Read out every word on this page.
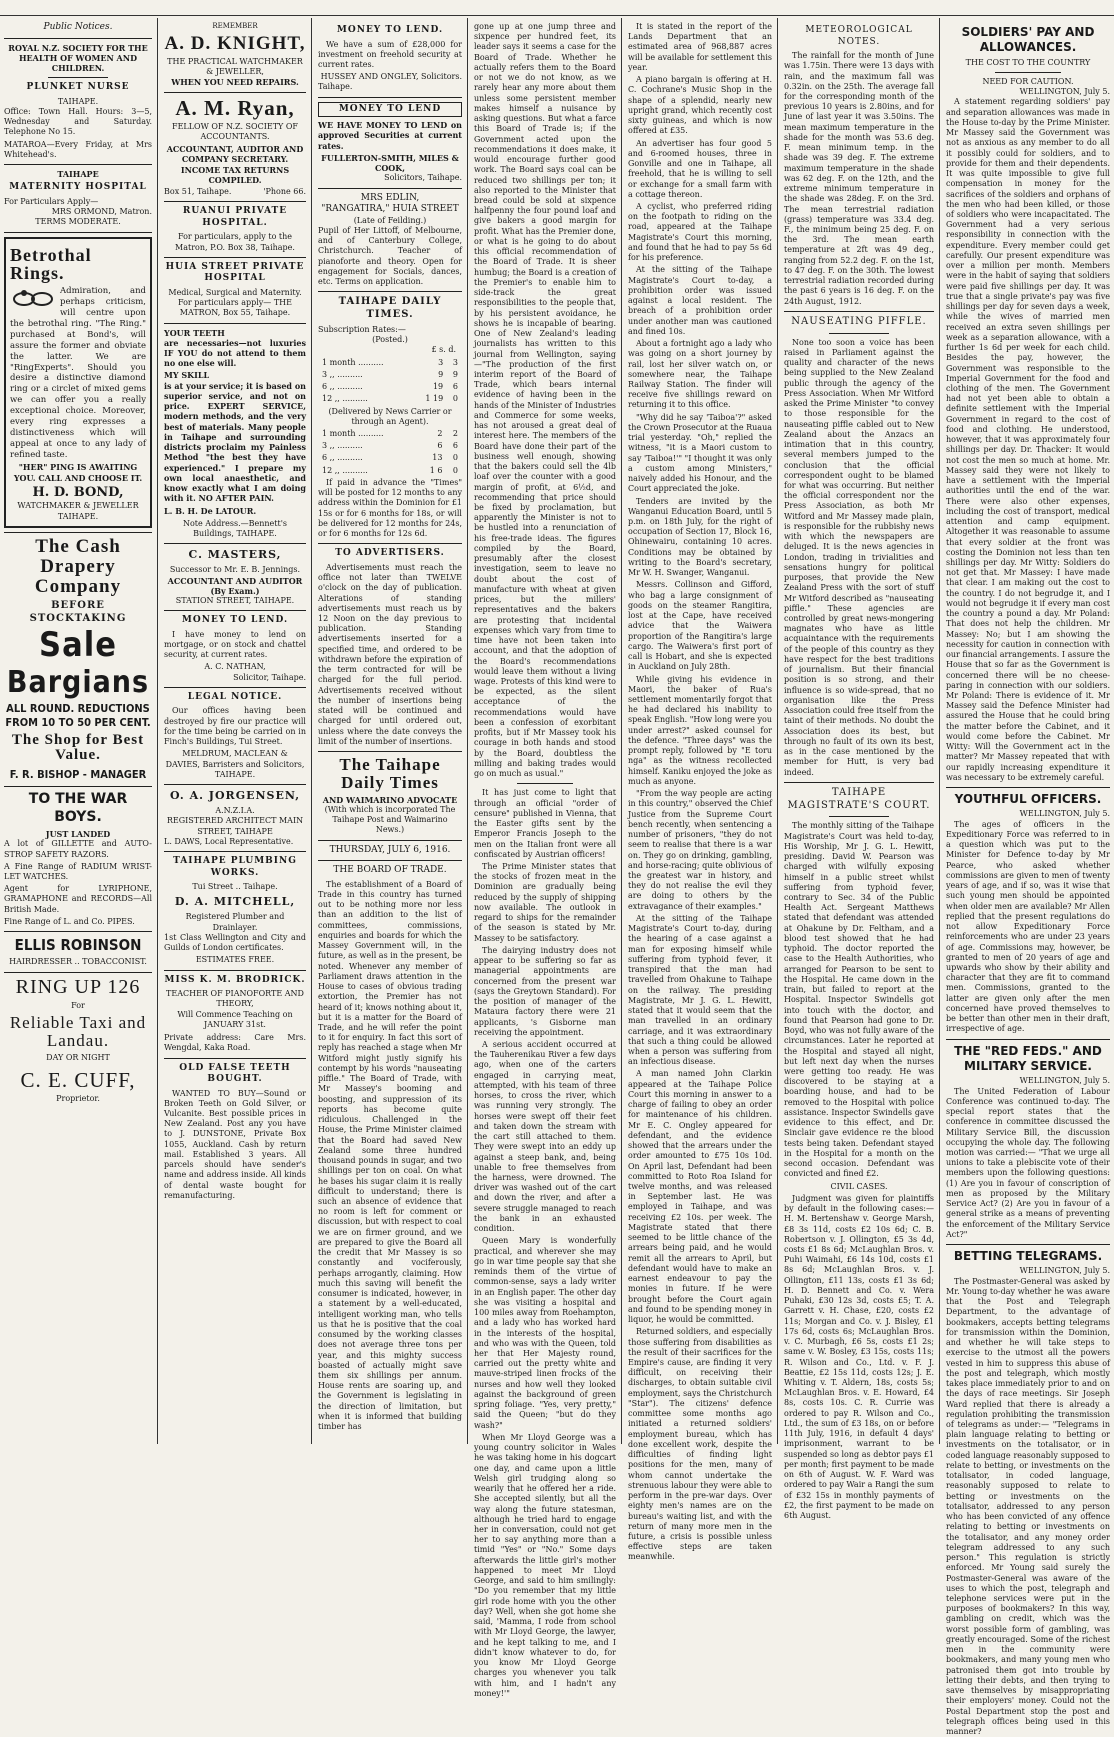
Public Notices.
ROYAL N.Z. SOCIETY FOR THE HEALTH OF WOMEN AND CHILDREN.
PLUNKET NURSE
TAIHAPE.
Office: Town Hall. Hours: 3—5, Wednesday and Saturday. Telephone No 15.
MATAROA—Every Friday, at Mrs Whitehead's.
TAIHAPE
MATERNITY HOSPITAL
For Particulars Apply—
MRS ORMOND, Matron.
TERMS MODERATE.
Betrothal Rings.
Admiration, and perhaps criticism, will centre upon the betrothal ring. "The Ring." purchased at Bond's, will assure the former and obviate the latter. We are "RingExperts". Should you desire a distinctive diamond ring or a circlet of mixed gems we can offer you a really exceptional choice. Moreover, every ring expresses a distinctiveness which will appeal at once to any lady of refined taste.
"HER" PING IS AWAITING YOU. CALL AND CHOOSE IT.
H. D. BOND,
WATCHMAKER & JEWELLER TAIHAPE.
The Cash Drapery Company
BEFORE STOCKTAKING
Sale
Bargians
ALL ROUND. REDUCTIONS FROM 10 TO 50 PER CENT.
The Shop for Best Value.
F. R. BISHOP - MANAGER
TO THE WAR BOYS.
JUST LANDED
A lot of GILLETTE and AUTO-STROP SAFETY RAZORS.
A Fine Range of RADIUM WRIST-LET WATCHES.
Agent for LYRIPHONE, GRAMAPHONE and RECORDS—All British Made.
Fine Range of L. and Co. PIPES.
ELLIS ROBINSON
HAIRDRESSER .. TOBACCONIST.
RING UP 126
For
Reliable Taxi and Landau.
DAY OR NIGHT
C. E. CUFF,
Proprietor.
REMEMBER
A. D. KNIGHT,
THE PRACTICAL WATCHMAKER & JEWELLER,
WHEN YOU NEED REPAIRS.
A. M. Ryan,
FELLOW OF N.Z. SOCIETY OF ACCOUNTANTS.
ACCOUNTANT, AUDITOR AND COMPANY SECRETARY. INCOME TAX RETURNS COMPILED.
Box 51, Taihape.	'Phone 66.
RUANUI PRIVATE HOSPITAL.
For particulars, apply to the Matron, P.O. Box 38, Taihape.
HUIA STREET PRIVATE HOSPITAL
Medical, Surgical and Maternity. For particulars apply— THE MATRON, Box 55, Taihape.
YOUR TEETH
are necessaries—not luxuries IF YOU do not attend to them no one else will.
MY SKILL
is at your service; it is based on superior service, and not on price. EXPERT SERVICE, modern methods, and the very best of materials. Many people in Taihape and surrounding districts proclaim my Painless Method "the best they have experienced." I prepare my own local anaesthetic, and know exactly what I am doing with it. NO AFTER PAIN.
L. B. H. De LATOUR.
Note Address.—Bennett's Buildings, TAIHAPE.
C. MASTERS,
Successor to Mr. E. B. Jennings.
ACCOUNTANT AND AUDITOR (By Exam.)
STATION STREET, TAIHAPE.
MONEY TO LEND.
I have money to lend on mortgage, or on stock and chattel security, at current rates.
A. C. NATHAN,
Solicitor, Taihape.
LEGAL NOTICE.
Our offices having been destroyed by fire our practice will for the time being be carried on in Finch's Buildings, Tui Street.
MELDRUM, MACLEAN & DAVIES, Barristers and Solicitors, TAIHAPE.
O. A. JORGENSEN,
A.N.Z.I.A.
REGISTERED ARCHITECT MAIN STREET, TAIHAPE
L. DAWS, Local Representative.
TAIHAPE PLUMBING WORKS.
Tui Street .. Taihape.
D. A. MITCHELL,
Registered Plumber and Drainlayer.
1st Class Wellington and City and Guilds of London certificates.
ESTIMATES FREE.
MISS K. M. BRODRICK.
TEACHER OF PIANOFORTE AND THEORY,
Will Commence Teaching on JANUARY 31st.
Private address: Care Mrs. Wengdal, Kaka Road.
OLD FALSE TEETH BOUGHT.
WANTED TO BUY—Sound or Broken Teeth on Gold Silver, or Vulcanite. Best possible prices in New Zealand. Post any you have to J. DUNSTONE, Private Box 1055, Auckland. Cash by return mail. Established 3 years. All parcels should have sender's name and address inside. All kinds of dental waste bought for remanufacturing.
MONEY TO LEND.
We have a sum of £28,000 for investment on freehold security at current rates.
HUSSEY AND ONGLEY, Solicitors.
Taihape.
MONEY TO LEND
WE HAVE MONEY TO LEND on approved Securities at current rates.
FULLERTON-SMITH, MILES & COOK,
Solicitors, Taihape.
MRS EDLIN,
"RANGATIRA," HUIA STREET
(Late of Feilding.)
Pupil of Her Littoff, of Melbourne, and of Canterbury College, Christchurch. Teacher of pianoforte and theory. Open for engagement for Socials, dances, etc. Terms on application.
TAIHAPE DAILY TIMES.
Subscription Rates:—
(Posted.)
£ s. d.
1 month ..........	3	3
3 ,, ..........	9	9
6 ,, ..........	19	6
12 ,, ..........	1 19	0
(Delivered by News Carrier or through an Agent).
1 month ..........	2	2
3 ,, ..........	6	6
6 ,, ..........	13	0
12 ,, ..........	1 6	0
If paid in advance the "Times" will be posted for 12 months to any address within the Dominion for £1 15s or for 6 months for 18s, or will be delivered for 12 months for 24s, or for 6 months for 12s 6d.
TO ADVERTISERS.
Advertisements must reach the office not later than TWELVE o'clock on the day of publication. Alterations of standing advertisements must reach us by 12 Noon on the day previous to publication. Standing advertisements inserted for a specified time, and ordered to be withdrawn before the expiration of the term contracted for will be charged for the full period. Advertisements received without the number of insertions being stated will be continued and charged for until ordered out, unless where the date conveys the limit of the number of insertions.
The Taihape Daily Times
AND WAIMARINO ADVOCATE
(With which is incorporated The Taihape Post and Waimarino News.)
THURSDAY, JULY 6, 1916.
THE BOARD OF TRADE.
The establishment of a Board of Trade in this country has turned out to be nothing more nor less than an addition to the list of committees, commissions, enquiries and boards for which the Massey Government will, in the future, as well as in the present, be noted. Whenever any member of Parliament draws attention in the House to cases of obvious trading extortion, the Premier has not heard of it; knows nothing about it, but it is a matter for the Board of Trade, and he will refer the point to it for enquiry. In fact this sort of reply has reached a stage when Mr Witford might justly signify his contempt by his words "nauseating piffle." The Board of Trade, with Mr Massey's booming and boosting, and suppression of its reports has become quite ridiculous. Challenged in the House, the Prime Minister claimed that the Board had saved New Zealand some three hundred thousand pounds in sugar, and two shillings per ton on coal. On what he bases his sugar claim it is really difficult to understand; there is such an absence of evidence that no room is left for comment or discussion, but with respect to coal we are on firmer ground, and we are prepared to give the Board all the credit that Mr Massey is so constantly and vociferously, perhaps arrogantly, claiming. How much this saving will benefit the consumer is indicated, however, in a statement by a well-educated, intelligent working man, who tells us that he is positive that the coal consumed by the working classes does not average three tons per year, and this mighty success boasted of actually might save them six shillings per annum. House rents are soaring up, and the Government is legislating in the direction of limitation, but when it is informed that building timber has
gone up at one jump three and sixpence per hundred feet, its leader says it seems a case for the Board of Trade. Whether he actually refers them to the Board or not we do not know, as we rarely hear any more about them unless some persistent member makes himself a nuisance by asking questions. But what a farce this Board of Trade is; if the Government acted upon the recommendations it does make, it would encourage further good work. The Board says coal can be reduced two shillings per ton; it also reported to the Minister that bread could be sold at sixpence halfpenny the four pound loaf and give bakers a good margin for profit. What has the Premier done, or what is he going to do about this official recommendation of the Board of Trade. It is sheer humbug; the Board is a creation of the Premier's to enable him to side-track the great responsibilities to the people that, by his persistent avoidance, he shows he is incapable of bearing. One of New Zealand's leading journalists has written to this journal from Wellington, saying—"The production of the first interim report of the Board of Trade, which bears internal evidence of having been in the hands of the Minister of Industries and Commerce for some weeks, has not aroused a great deal of interest here. The members of the Board have done their part of the business well enough, showing that the bakers could sell the 4lb loaf over the counter with a good margin of profit, at 6½d, and recommending that price should be fixed by proclamation, but apparently the Minister is not to be hustled into a renunciation of his free-trade ideas. The figures compiled by the Board, presumably after the closest investigation, seem to leave no doubt about the cost of manufacture with wheat at given prices, but the millers' representatives and the bakers are protesting that incidental expenses which vary from time to time have not been taken into account, and that the adoption of the Board's recommendations would leave them without a living wage. Protests of this kind were to be expected, as the silent acceptance of the recommendations would have been a confession of exorbitant profits, but if Mr Massey took his courage in both hands and stood by the Board, doubtless the milling and baking trades would go on much as usual."
It has just come to light that through an official "order of censure" published in Vienna, that the Easter gifts sent by the Emperor Francis Joseph to the men on the Italian front were all confiscated by Austrian officers!
The Prime Minister states that the stocks of frozen meat in the Dominion are gradually being reduced by the supply of shipping now available. The outlook in regard to ships for the remainder of the season is stated by Mr. Massey to be satisfactory.
The dairying industry does not appear to be suffering so far as managerial appointments are concerned from the present war (says the Greytown Standard). For the position of manager of the Mataura factory there were 21 applicants, 's Gisborne man receiving the appointment.
A serious accident occurred at the Tauherenikau River a few days ago, when one of the carters engaged in carrying meat, attempted, with his team of three horses, to cross the river, which was running very strongly. The horses were swept off their feet and taken down the stream with the cart still attached to them. They were swept into an eddy up against a steep bank, and, being unable to free themselves from the harness, were drowned. The driver was washed out of the cart and down the river, and after a severe struggle managed to reach the bank in an exhausted condition.
Queen Mary is wonderfully practical, and wherever she may go in war time people say that she reminds them of the virtue of common-sense, says a lady writer in an English paper. The other day she was visiting a hospital and 100 miles away from Roehampton, and a lady who has worked hard in the interests of the hospital, and who was with the Queen, told her that Her Majesty round, carried out the pretty white and mauve-striped linen frocks of the nurses and how well they looked against the background of green spring foliage. "Yes, very pretty," said the Queen; "but do they wash?"
When Mr Lloyd George was a young country solicitor in Wales he was taking home in his dogcart one day, and came upon a little Welsh girl trudging along so wearily that he offered her a ride. She accepted silently, but all the way along the future statesman, although he tried hard to engage her in conversation, could not get her to say anything more than a timid "Yes" or "No." Some days afterwards the little girl's mother happened to meet Mr Lloyd George, and said to him smilingly: "Do you remember that my little girl rode home with you the other day? Well, when she got home she said, 'Mamma, I rode from school with Mr Lloyd George, the lawyer, and he kept talking to me, and I didn't know whatever to do, for you know Mr Lloyd George charges you whenever you talk with him, and I hadn't any money!'"
It is stated in the report of the Lands Department that an estimated area of 968,887 acres will be available for settlement this year.
A piano bargain is offering at H. C. Cochrane's Music Shop in the shape of a splendid, nearly new upright grand, which recently cost sixty guineas, and which is now offered at £35.
An advertiser has four good 5 and 6-roomed houses, three in Gonville and one in Taihape, all freehold, that he is willing to sell or exchange for a small farm with a cottage thereon.
A cyclist, who preferred riding on the footpath to riding on the road, appeared at the Taihape Magistrate's Court this morning, and found that he had to pay 5s 6d for his preference.
At the sitting of the Taihape Magistrate's Court to-day, a prohibition order was issued against a local resident. The breach of a prohibition order under another man was cautioned and fined 10s.
About a fortnight ago a lady who was going on a short journey by rail, lost her silver watch on, or somewhere near, the Taihape Railway Station. The finder will receive five shillings reward on returning it to this office.
"Why did he say 'Taiboa'?" asked the Crown Prosecutor at the Ruaua trial yesterday. "Oh," replied the witness, "it is a Maori custom to say 'Taiboa!'" "I thought it was only a custom among Ministers," naively added his Honour, and the Court appreciated the joke.
Tenders are invited by the Wanganui Education Board, until 5 p.m. on 18th July, for the right of occupation of Section 17, Block 16, Ohinewairu, containing 10 acres. Conditions may be obtained by writing to the Board's secretary, Mr W. H. Swanger, Wanganui.
Messrs. Collinson and Gifford, who bag a large consignment of goods on the steamer Rangitira, lost at the Cape, have received advice that the Waiwera proportion of the Rangitira's large cargo. The Waiwera's first port of call is Hobart, and she is expected in Auckland on July 28th.
While giving his evidence in Maori, the baker of Rua's settlement momentarily forgot that he had declared his inability to speak English. "How long were you under arrest?" asked counsel for the defence. "Three days" was the prompt reply, followed by "E toru nga" as the witness recollected himself. Kaniku enjoyed the joke as much as anyone.
"From the way people are acting in this country," observed the Chief Justice from the Supreme Court bench recently, when sentencing a number of prisoners, "they do not seem to realise that there is a war on. They go on drinking, gambling, and horse-racing; quite oblivious of the greatest war in history, and they do not realise the evil they are doing to others by the extravagance of their examples."
At the sitting of the Taihape Magistrate's Court to-day, during the hearing of a case against a man for exposing himself while suffering from typhoid fever, it transpired that the man had travelled from Ohakune to Taihape on the railway. The presiding Magistrate, Mr J. G. L. Hewitt, stated that it would seem that the man travelled in an ordinary carriage, and it was extraordinary that such a thing could be allowed when a person was suffering from an infectious disease.
A man named John Clarkin appeared at the Taihape Police Court this morning in answer to a charge of failing to obey an order for maintenance of his children. Mr E. C. Ongley appeared for defendant, and the evidence showed that the arrears under the order amounted to £75 10s 10d. On April last, Defendant had been committed to Roto Roa Island for twelve months, and was released in September last. He was employed in Taihape, and was receiving £2 10s. per week. The Magistrate stated that there seemed to be little chance of the arrears being paid, and he would remit all the arrears to April, but defendant would have to make an earnest endeavour to pay the monies in future. If he were brought before the Court again and found to be spending money in liquor, he would be committed.
Returned soldiers, and especially those suffering from disabilities as the result of their sacrifices for the Empire's cause, are finding it very difficult, on receiving their discharges, to obtain suitable civil employment, says the Christchurch "Star"). The citizens' defence committee some months ago initiated a returned soldiers' employment bureau, which has done excellent work, despite the difficulties of finding light positions for the men, many of whom cannot undertake the strenuous labour they were able to perform in the pre-war days. Over eighty men's names are on the bureau's waiting list, and with the return of many more men in the future, a crisis is possible unless effective steps are taken meanwhile.
METEOROLOGICAL NOTES.
The rainfall for the month of June was 1.75in. There were 13 days with rain, and the maximum fall was 0.32in. on the 25th. The average fall for the corresponding month of the previous 10 years is 2.80ins, and for June of last year it was 3.50ins. The mean maximum temperature in the shade for the month was 53.6 deg. F. mean minimum temp. in the shade was 39 deg. F. The extreme maximum temperature in the shade was 62 deg. F. on the 12th, and the extreme minimum temperature in the shade was 28deg. F. on the 3rd. The mean terrestrial radiation (grass) temperature was 33.4 deg. F., the minimum being 25 deg. F. on the 3rd. The mean earth temperature at 2ft was 49 deg., ranging from 52.2 deg. F. on the 1st, to 47 deg. F. on the 30th. The lowest terrestrial radiation recorded during the past 6 years is 16 deg. F. on the 24th August, 1912.
NAUSEATING PIFFLE.
None too soon a voice has been raised in Parliament against the quality and character of the news being supplied to the New Zealand public through the agency of the Press Association. When Mr Witford asked the Prime Minister "to convey to those responsible for the nauseating piffle cabled out to New Zealand about the Anzacs an intimation that in this country, several members jumped to the conclusion that the official correspondent ought to be blamed for what was occurring. But neither the official correspondent nor the Press Association, as both Mr Witford and Mr Massey made plain, is responsible for the rubbishy news with which the newspapers are deluged. It is the news agencies in London, trading in trivialities and sensations hungry for political purposes, that provide the New Zealand Press with the sort of stuff Mr Witford described as "nauseating piffle." These agencies are controlled by great news-mongering magnates who have as little acquaintance with the requirements of the people of this country as they have respect for the best traditions of journalism. But their financial position is so strong, and their influence is so wide-spread, that no organisation like the Press Association could free itself from the taint of their methods. No doubt the Association does its best, but through no fault of its own its best, as in the case mentioned by the member for Hutt, is very bad indeed.
TAIHAPE MAGISTRATE'S COURT.
The monthly sitting of the Taihape Magistrate's Court was held to-day, His Worship, Mr J. G. L. Hewitt, presiding. David W. Pearson was charged with wilfully exposing himself in a public street whilst suffering from typhoid fever, contrary to Sec. 34 of the Public Health Act. Sergeant Matthews stated that defendant was attended at Ohakune by Dr. Feltham, and a blood test showed that he had typhoid. The doctor reported the case to the Health Authorities, who arranged for Pearson to be sent to the Hospital. He came down in the train, but failed to report at the Hospital. Inspector Swindells got into touch with the doctor, and found that Pearson had gone to Dr. Boyd, who was not fully aware of the circumstances. Later he reported at the Hospital and stayed all night, but left next day when the nurses were getting too ready. He was discovered to be staying at a boarding house, and had to be removed to the Hospital with police assistance. Inspector Swindells gave evidence to this effect, and Dr. Sinclair gave evidence re the blood tests being taken. Defendant stayed in the Hospital for a month on the second occasion. Defendant was convicted and fined £2.
CIVIL CASES.
Judgment was given for plaintiffs by default in the following cases:— H. M. Bertenshaw v. George Marsh, £8 3s 11d, costs £2 10s 6d; C. B. Robertson v. J. Ollington, £5 3s 4d, costs £1 8s 6d; McLaughlan Bros. v. Puhi Waimahi, £6 14s 10d, costs £1 8s 6d; McLaughlan Bros. v. J. Ollington, £11 13s, costs £1 3s 6d; H. D. Bennett and Co. v. Wera Puhaki, £30 12s 3d, costs £5; T. A. Garrett v. H. Chase, £20, costs £2 11s; Morgan and Co. v. J. Bisley, £1 17s 6d, costs 6s; McLaughlan Bros. v. C. Murbagh, £6 5s, costs £1 2s; same v. W. Bosley, £3 15s, costs 11s; R. Wilson and Co., Ltd. v. F. J. Beattie, £2 15s 11d, costs 12s; J. E. Whiting v. T. Aldern, 18s, costs 5s; McLaughlan Bros. v. E. Howard, £4 8s, costs 10s. C. R. Currie was ordered to pay R. Wilson and Co., Ltd., the sum of £3 18s, on or before 11th July, 1916, in default 4 days' imprisonment, warrant to be suspended so long as debtor pays £1 per month; first payment to be made on 6th of August. W. F. Ward was ordered to pay Wair a Rangi the sum of £32 15s in monthly payments of £2, the first payment to be made on 6th August.
SOLDIERS' PAY AND ALLOWANCES.
THE COST TO THE COUNTRY
NEED FOR CAUTION.
WELLINGTON, July 5.
A statement regarding soldiers' pay and separation allowances was made in the House to-day by the Prime Minister. Mr Massey said the Government was not as anxious as any member to do all it possibly could for soldiers, and to provide for them and their dependents. It was quite impossible to give full compensation in money for the sacrifices of the soldiers and orphans of the men who had been killed, or those of soldiers who were incapacitated. The Government had a very serious responsibility in connection with the expenditure. Every member could get carefully. Our present expenditure was over a million per month. Members were in the habit of saying that soldiers were paid five shillings per day. It was true that a single private's pay was five shillings per day for seven days a week, while the wives of married men received an extra seven shillings per week as a separation allowance, with a further 1s 6d per week for each child. Besides the pay, however, the Government was responsible to the Imperial Government for the food and clothing of the men. The Government had not yet been able to obtain a definite settlement with the Imperial Government in regard to the cost of food and clothing. He understood, however, that it was approximately four shillings per day. Dr. Thacker: It would not cost the men so much at home. Mr. Massey said they were not likely to have a settlement with the Imperial authorities until the end of the war. There were also other expenses, including the cost of transport, medical attention and camp equipment. Altogether it was reasonable to assume that every soldier at the front was costing the Dominion not less than ten shillings per day. Mr Witty: Soldiers do not get that. Mr Massey: I have made that clear. I am making out the cost to the country. I do not begrudge it, and I would not begrudge it if every man cost the country a pound a day. Mr Poland: That does not help the children. Mr Massey: No; but I am showing the necessity for caution in connection with our financial arrangements. I assure the House that so far as the Government is concerned there will be no cheese-paring in connection with our soldiers. Mr Poland: There is evidence of it. Mr Massey said the Defence Minister had assured the House that he could bring the matter before the Cabinet, and it would come before the Cabinet. Mr Witty: Will the Government act in the matter? Mr Massey repeated that with our rapidly increasing expenditure it was necessary to be extremely careful.
YOUTHFUL OFFICERS.
WELLINGTON, July 5.
The ages of officers in the Expeditionary Force was referred to in a question which was put to the Minister for Defence to-day by Mr Pearce, who asked whether commissions are given to men of twenty years of age, and if so, was it wise that such young men should be appointed when older men are available? Mr Allen replied that the present regulations do not allow Expeditionary Force reinforcements who are under 23 years of age. Commissions may, however, be granted to men of 20 years of age and upwards who show by their ability and character that they are fit to command men. Commissions, granted to the latter are given only after the men concerned have proved themselves to be better than other men in their draft, irrespective of age.
THE "RED FEDS." AND MILITARY SERVICE.
WELLINGTON, July 5.
The United Federation of Labour Conference was continued to-day. The special report states that the conference in committee discussed the Military Service Bill, the discussion occupying the whole day. The following motion was carried:— "That we urge all unions to take a plebiscite vote of their members upon the following questions: (1) Are you in favour of conscription of men as proposed by the Military Service Act? (2) Are you in favour of a general strike as a means of preventing the enforcement of the Military Service Act?"
BETTING TELEGRAMS.
WELLINGTON, July 5.
The Postmaster-General was asked by Mr. Young to-day whether he was aware that the Post and Telegraph Department, to the advantage of bookmakers, accepts betting telegrams for transmission within the Dominion, and whether he will take steps to exercise to the utmost all the powers vested in him to suppress this abuse of the post and telegraph, which mostly takes place immediately prior to and on the days of race meetings. Sir Joseph Ward replied that there is already a regulation prohibiting the transmission of telegrams as under:— "Telegrams in plain language relating to betting or investments on the totalisator, or in coded language reasonably supposed to relate to betting, or investments on the totalisator, in coded language, reasonably supposed to relate to betting or investments on the totalisator, addressed to any person who has been convicted of any offence relating to betting or investments on the totalisator, and any money order telegram addressed to any such person." This regulation is strictly enforced. Mr Young said surely the Postmaster-General was aware of the uses to which the post, telegraph and telephone services were put in the purposes of bookmakers? In this way, gambling on credit, which was the worst possible form of gambling, was greatly encouraged. Some of the richest men in the community were bookmakers, and many young men who patronised them got into trouble by letting their debts, and then trying to save themselves by misappropriating their employers' money. Could not the Postal Department stop the post and telegraph offices being used in this manner?
